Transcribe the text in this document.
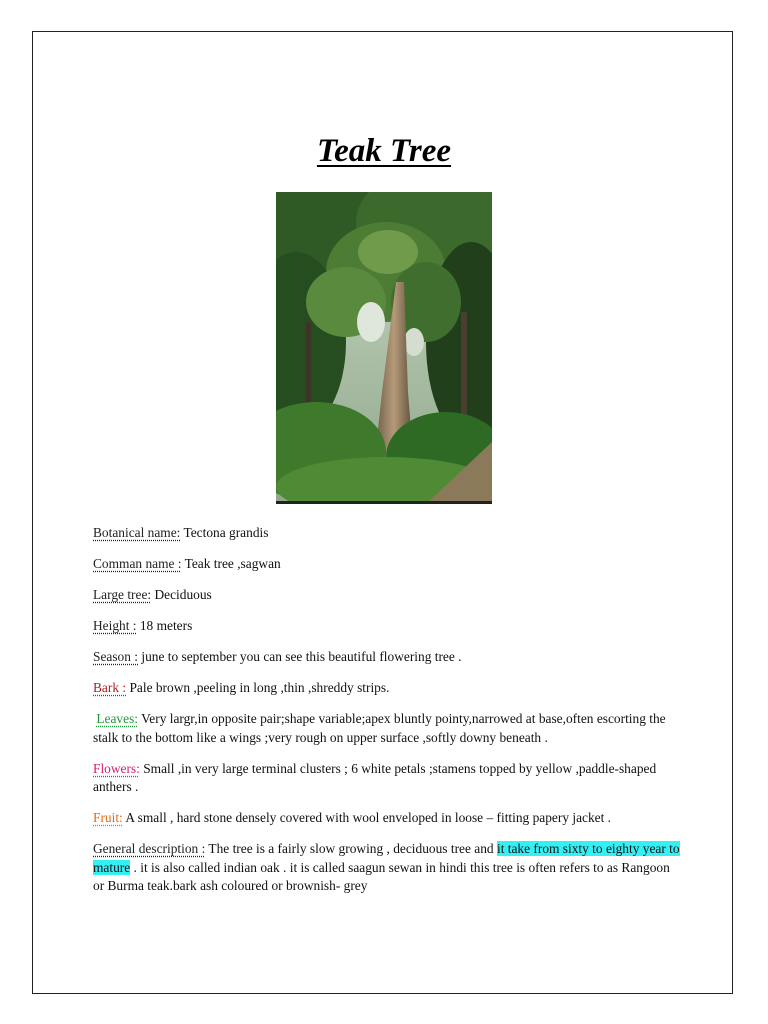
Teak Tree
Botanical name: Tectona grandis
Comman name : Teak tree ,sagwan
Large tree: Deciduous
Height : 18 meters
Season : june to september you can see this beautiful flowering tree .
Bark : Pale brown ,peeling in long ,thin ,shreddy strips.
Leaves: Very largr,in opposite pair;shape variable;apex bluntly pointy,narrowed at base,often escorting the stalk to the bottom like a wings ;very rough on upper surface ,softly downy beneath .
Flowers: Small ,in very large terminal clusters ; 6 white petals ;stamens topped by yellow ,paddle-shaped anthers .
Fruit: A small , hard stone densely covered with wool enveloped in loose – fitting papery jacket .
General description : The tree is a fairly slow growing , deciduous tree and it take from sixty to eighty year to mature . it is also called indian oak . it is called saagun sewan in hindi this tree is often refers to as Rangoon or Burma teak.bark ash coloured or brownish- grey
